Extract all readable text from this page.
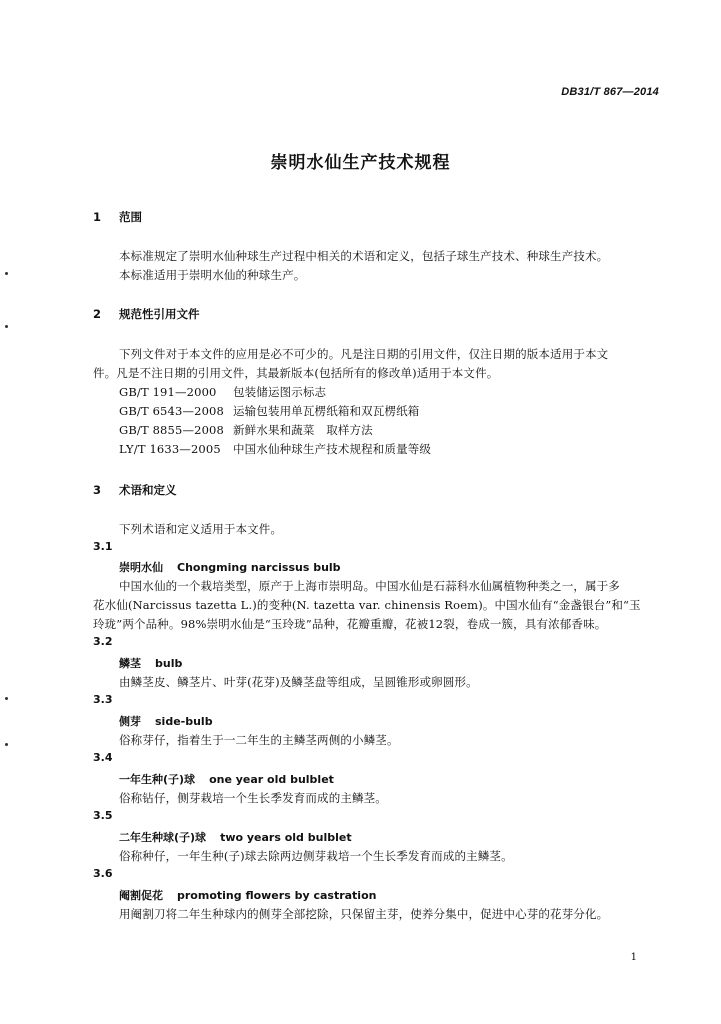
DB31/T 867—2014
崇明水仙生产技术规程
1 范围
本标准规定了崇明水仙种球生产过程中相关的术语和定义，包括子球生产技术、种球生产技术。
本标准适用于崇明水仙的种球生产。
2 规范性引用文件
下列文件对于本文件的应用是必不可少的。凡是注日期的引用文件，仅注日期的版本适用于本文
件。凡是不注日期的引用文件，其最新版本(包括所有的修改单)适用于本文件。
GB/T 191—2000 包装储运图示标志
GB/T 6543—2008 运输包装用单瓦楞纸箱和双瓦楞纸箱
GB/T 8855—2008 新鲜水果和蔬菜　取样方法
LY/T 1633—2005 中国水仙种球生产技术规程和质量等级
3 术语和定义
下列术语和定义适用于本文件。
3.1
崇明水仙 Chongming narcissus bulb
中国水仙的一个栽培类型，原产于上海市崇明岛。中国水仙是石蒜科水仙属植物种类之一，属于多
花水仙(Narcissus tazetta L.)的变种(N. tazetta var. chinensis Roem)。中国水仙有“金盏银台”和“玉
玲珑”两个品种。98%崇明水仙是“玉玲珑”品种，花瓣重瓣，花被12裂，卷成一簇，具有浓郁香味。
3.2
鳞茎 bulb
由鳞茎皮、鳞茎片、叶芽(花芽)及鳞茎盘等组成，呈圆锥形或卵圆形。
3.3
侧芽 side-bulb
俗称芽仔，指着生于一二年生的主鳞茎两侧的小鳞茎。
3.4
一年生种(子)球 one year old bulblet
俗称钻仔，侧芽栽培一个生长季发育而成的主鳞茎。
3.5
二年生种球(子)球 two years old bulblet
俗称种仔，一年生种(子)球去除两边侧芽栽培一个生长季发育而成的主鳞茎。
3.6
阉割促花 promoting flowers by castration
用阉割刀将二年生种球内的侧芽全部挖除，只保留主芽，使养分集中，促进中心芽的花芽分化。
1
